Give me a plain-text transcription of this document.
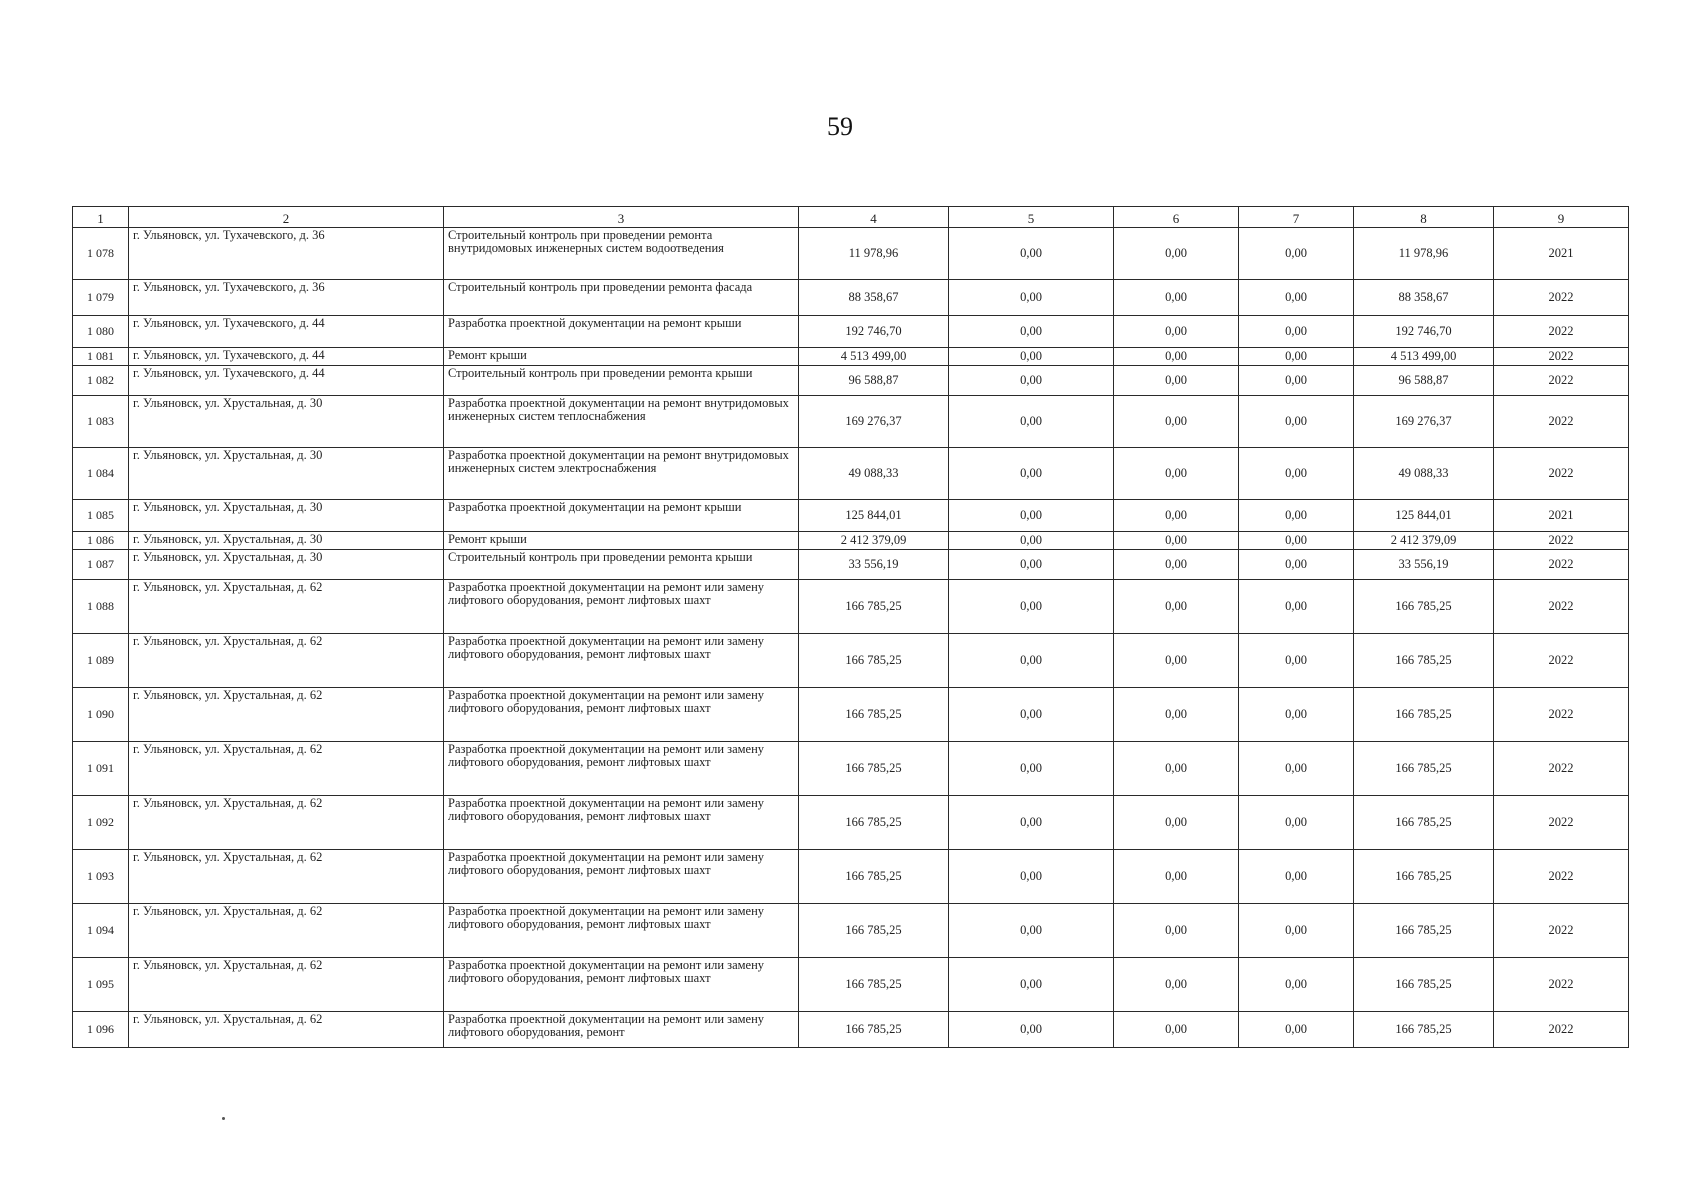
59
1	2	3	4	5	6	7	8	9
1 078	г. Ульяновск, ул. Тухачевского, д. 36	Строительный контроль при проведении ремонта внутридомовых инженерных систем водоотведения	11 978,96	0,00	0,00	0,00	11 978,96	2021
1 079	г. Ульяновск, ул. Тухачевского, д. 36	Строительный контроль при проведении ремонта фасада	88 358,67	0,00	0,00	0,00	88 358,67	2022
1 080	г. Ульяновск, ул. Тухачевского, д. 44	Разработка проектной документации на ремонт крыши	192 746,70	0,00	0,00	0,00	192 746,70	2022
1 081	г. Ульяновск, ул. Тухачевского, д. 44	Ремонт крыши	4 513 499,00	0,00	0,00	0,00	4 513 499,00	2022
1 082	г. Ульяновск, ул. Тухачевского, д. 44	Строительный контроль при проведении ремонта крыши	96 588,87	0,00	0,00	0,00	96 588,87	2022
1 083	г. Ульяновск, ул. Хрустальная, д. 30	Разработка проектной документации на ремонт внутридомовых инженерных систем теплоснабжения	169 276,37	0,00	0,00	0,00	169 276,37	2022
1 084	г. Ульяновск, ул. Хрустальная, д. 30	Разработка проектной документации на ремонт внутридомовых инженерных систем электроснабжения	49 088,33	0,00	0,00	0,00	49 088,33	2022
1 085	г. Ульяновск, ул. Хрустальная, д. 30	Разработка проектной документации на ремонт крыши	125 844,01	0,00	0,00	0,00	125 844,01	2021
1 086	г. Ульяновск, ул. Хрустальная, д. 30	Ремонт крыши	2 412 379,09	0,00	0,00	0,00	2 412 379,09	2022
1 087	г. Ульяновск, ул. Хрустальная, д. 30	Строительный контроль при проведении ремонта крыши	33 556,19	0,00	0,00	0,00	33 556,19	2022
1 088	г. Ульяновск, ул. Хрустальная, д. 62	Разработка проектной документации на ремонт или замену лифтового оборудования, ремонт лифтовых шахт	166 785,25	0,00	0,00	0,00	166 785,25	2022
1 089	г. Ульяновск, ул. Хрустальная, д. 62	Разработка проектной документации на ремонт или замену лифтового оборудования, ремонт лифтовых шахт	166 785,25	0,00	0,00	0,00	166 785,25	2022
1 090	г. Ульяновск, ул. Хрустальная, д. 62	Разработка проектной документации на ремонт или замену лифтового оборудования, ремонт лифтовых шахт	166 785,25	0,00	0,00	0,00	166 785,25	2022
1 091	г. Ульяновск, ул. Хрустальная, д. 62	Разработка проектной документации на ремонт или замену лифтового оборудования, ремонт лифтовых шахт	166 785,25	0,00	0,00	0,00	166 785,25	2022
1 092	г. Ульяновск, ул. Хрустальная, д. 62	Разработка проектной документации на ремонт или замену лифтового оборудования, ремонт лифтовых шахт	166 785,25	0,00	0,00	0,00	166 785,25	2022
1 093	г. Ульяновск, ул. Хрустальная, д. 62	Разработка проектной документации на ремонт или замену лифтового оборудования, ремонт лифтовых шахт	166 785,25	0,00	0,00	0,00	166 785,25	2022
1 094	г. Ульяновск, ул. Хрустальная, д. 62	Разработка проектной документации на ремонт или замену лифтового оборудования, ремонт лифтовых шахт	166 785,25	0,00	0,00	0,00	166 785,25	2022
1 095	г. Ульяновск, ул. Хрустальная, д. 62	Разработка проектной документации на ремонт или замену лифтового оборудования, ремонт лифтовых шахт	166 785,25	0,00	0,00	0,00	166 785,25	2022
1 096	г. Ульяновск, ул. Хрустальная, д. 62	Разработка проектной документации на ремонт или замену лифтового оборудования, ремонт	166 785,25	0,00	0,00	0,00	166 785,25	2022
